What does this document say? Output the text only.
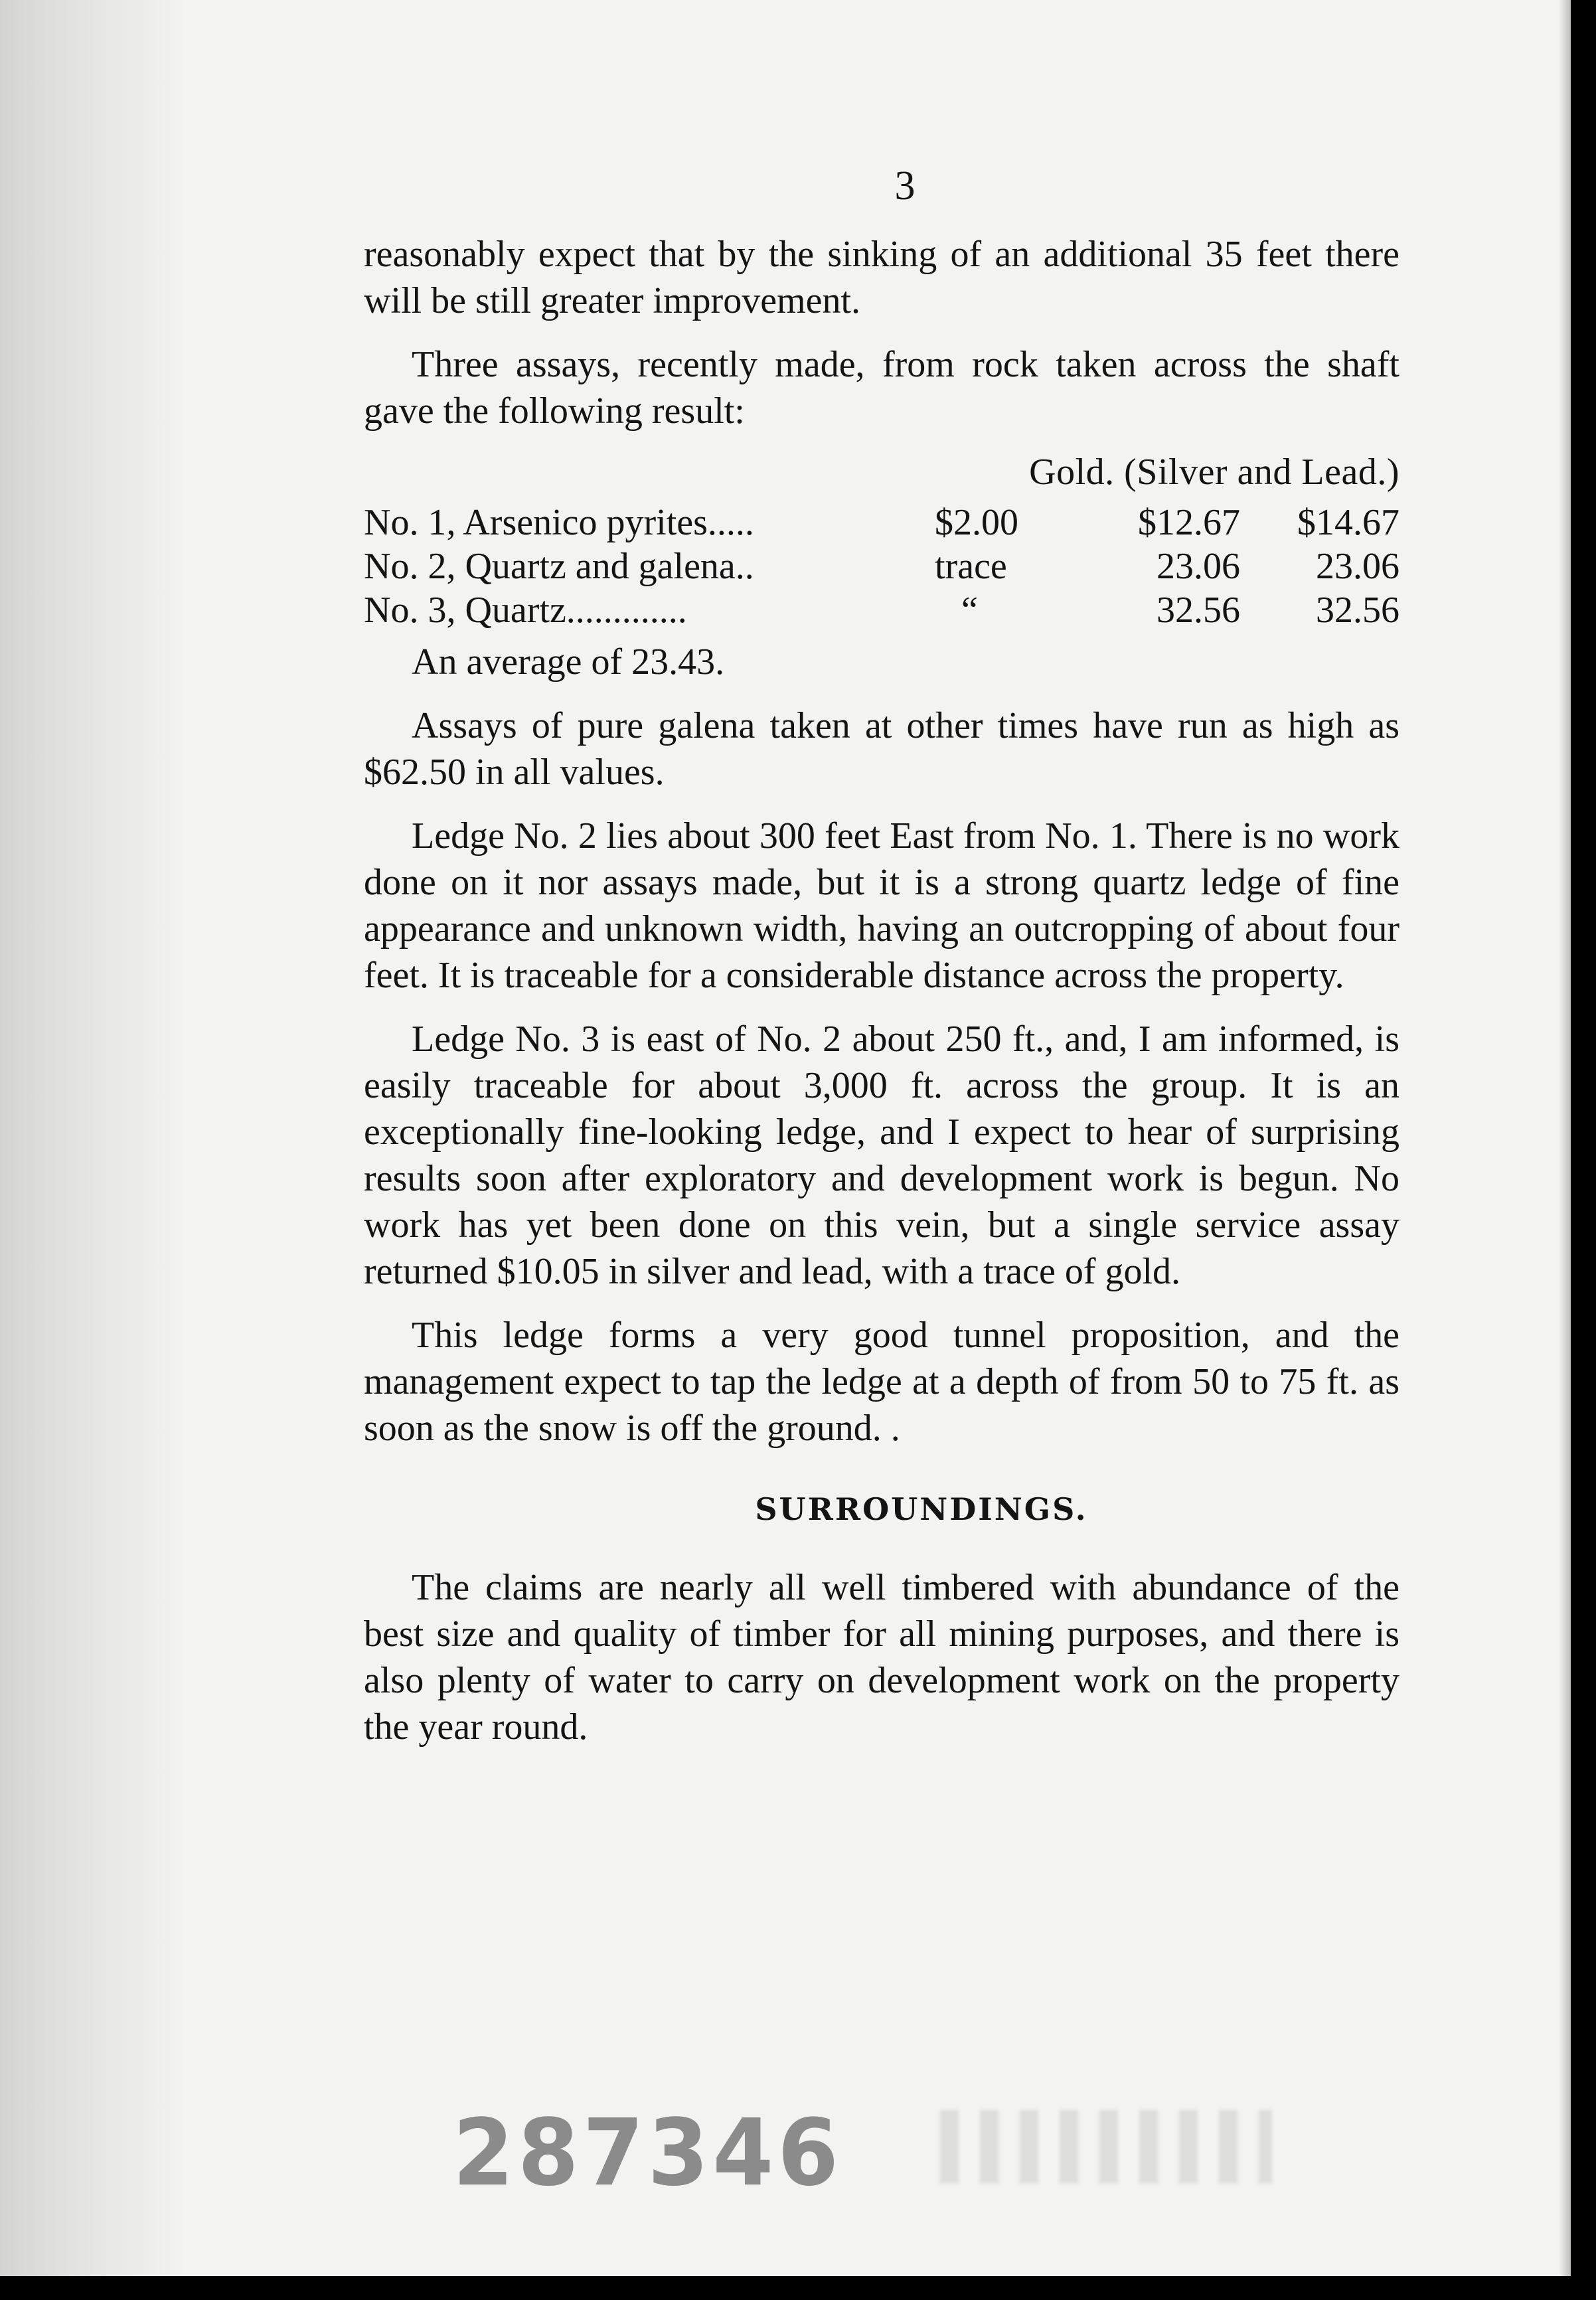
3

reasonably expect that by the sinking of an additional 35 feet there will be still greater improvement.

Three assays, recently made, from rock taken across the shaft gave the following result:

Gold. (Silver and Lead.)
No. 1, Arsenico pyrites.....	$2.00	$12.67	$14.67
No. 2, Quartz and galena..	trace	23.06	23.06
No. 3, Quartz.............	“	32.56	32.56
An average of 23.43.

Assays of pure galena taken at other times have run as high as $62.50 in all values.

Ledge No. 2 lies about 300 feet East from No. 1. There is no work done on it nor assays made, but it is a strong quartz ledge of fine appearance and unknown width, having an outcropping of about four feet. It is traceable for a considerable distance across the property.

Ledge No. 3 is east of No. 2 about 250 ft., and, I am informed, is easily traceable for about 3,000 ft. across the group. It is an exceptionally fine-looking ledge, and I expect to hear of surprising results soon after exploratory and development work is begun. No work has yet been done on this vein, but a single service assay returned $10.05 in silver and lead, with a trace of gold.

This ledge forms a very good tunnel proposition, and the management expect to tap the ledge at a depth of from 50 to 75 ft. as soon as the snow is off the ground. .

SURROUNDINGS.

The claims are nearly all well timbered with abundance of the best size and quality of timber for all mining purposes, and there is also plenty of water to carry on development work on the property the year round.

287346
